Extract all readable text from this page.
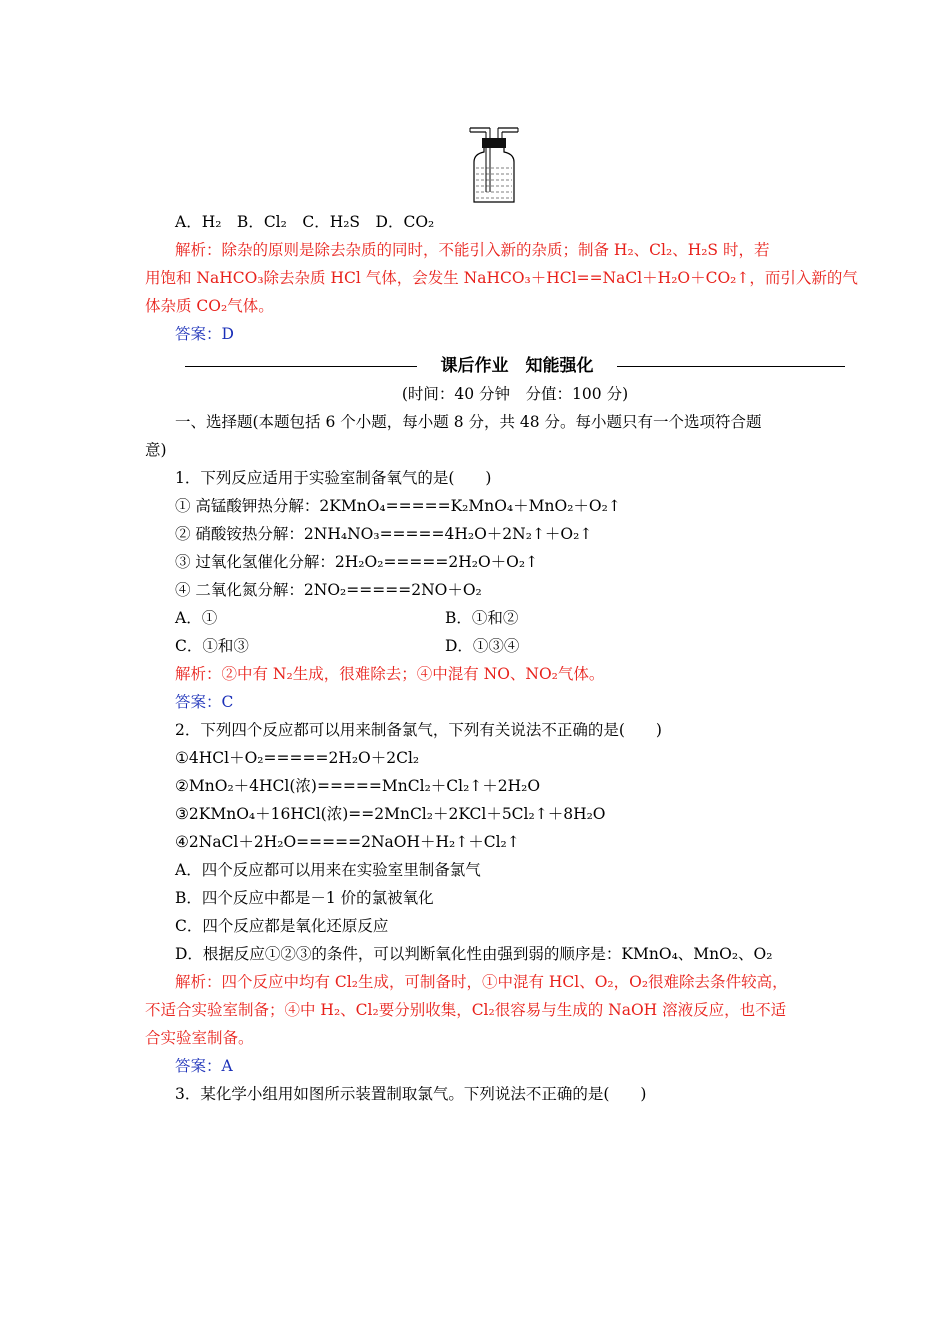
A．H₂　B．Cl₂　C．H₂S　D．CO₂
解析：除杂的原则是除去杂质的同时，不能引入新的杂质；制备 H₂、Cl₂、H₂S 时，若
用饱和 NaHCO₃除去杂质 HCl 气体，会发生 NaHCO₃＋HCl==NaCl＋H₂O＋CO₂↑，而引入新的气
体杂质 CO₂气体。
答案：D
课后作业　知能强化
(时间：40 分钟　分值：100 分)
一、选择题(本题包括 6 个小题，每小题 8 分，共 48 分。每小题只有一个选项符合题
意)
1．下列反应适用于实验室制备氧气的是(　　)
① 高锰酸钾热分解：2KMnO₄=====K₂MnO₄＋MnO₂＋O₂↑
② 硝酸铵热分解：2NH₄NO₃=====4H₂O＋2N₂↑＋O₂↑
③ 过氧化氢催化分解：2H₂O₂=====2H₂O＋O₂↑
④ 二氧化氮分解：2NO₂=====2NO＋O₂
A．①	B．①和②
C．①和③	D．①③④
解析：②中有 N₂生成，很难除去；④中混有 NO、NO₂气体。
答案：C
2．下列四个反应都可以用来制备氯气，下列有关说法不正确的是(　　)
①4HCl＋O₂=====2H₂O＋2Cl₂
②MnO₂＋4HCl(浓)=====MnCl₂＋Cl₂↑＋2H₂O
③2KMnO₄＋16HCl(浓)==2MnCl₂＋2KCl＋5Cl₂↑＋8H₂O
④2NaCl＋2H₂O=====2NaOH＋H₂↑＋Cl₂↑
A．四个反应都可以用来在实验室里制备氯气
B．四个反应中都是－1 价的氯被氧化
C．四个反应都是氧化还原反应
D．根据反应①②③的条件，可以判断氧化性由强到弱的顺序是：KMnO₄、MnO₂、O₂
解析：四个反应中均有 Cl₂生成，可制备时，①中混有 HCl、O₂，O₂很难除去条件较高，
不适合实验室制备；④中 H₂、Cl₂要分别收集，Cl₂很容易与生成的 NaOH 溶液反应，也不适
合实验室制备。
答案：A
3．某化学小组用如图所示装置制取氯气。下列说法不正确的是(　　)
